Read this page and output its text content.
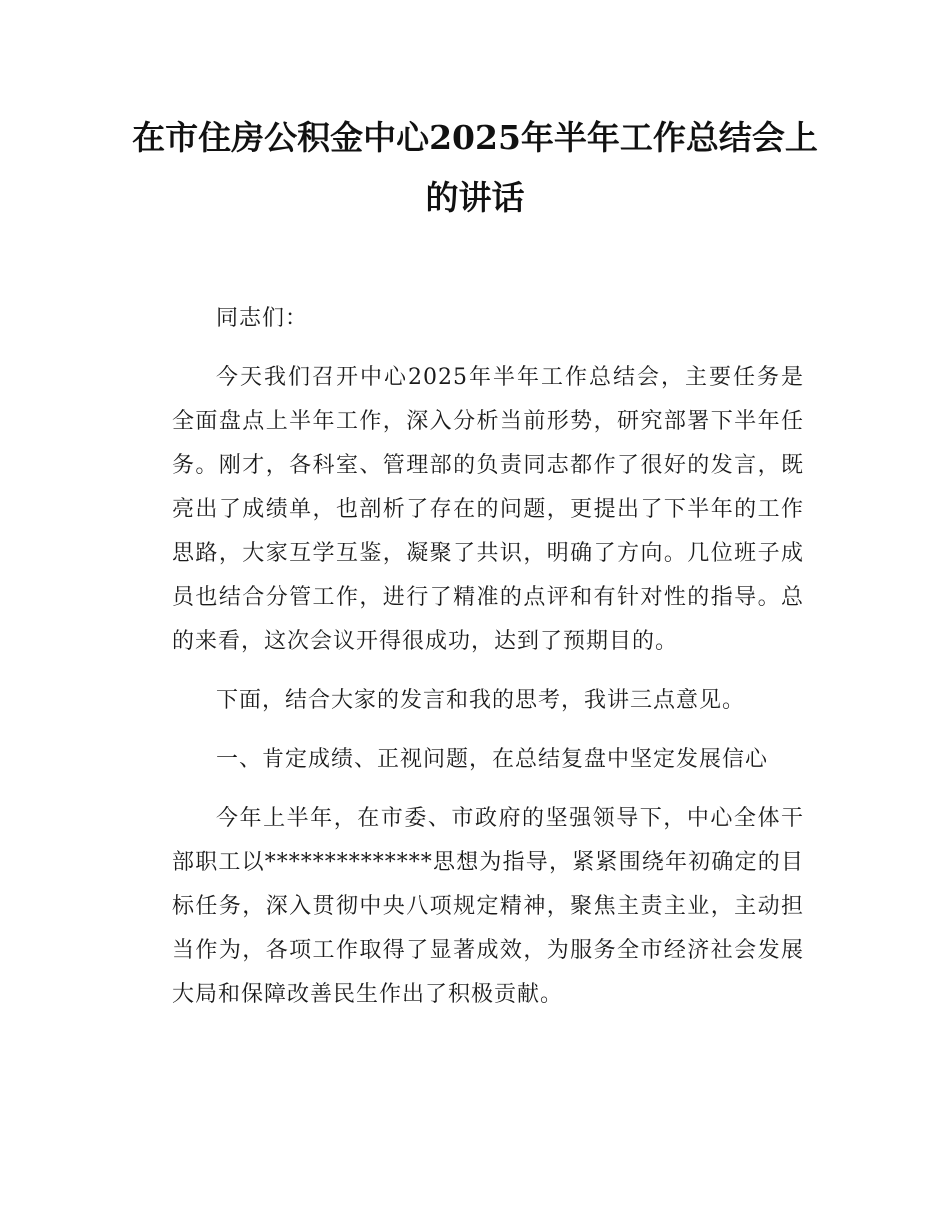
在市住房公积金中心2025年半年工作总结会上的讲话

同志们：

今天我们召开中心2025年半年工作总结会，主要任务是全面盘点上半年工作，深入分析当前形势，研究部署下半年任务。刚才，各科室、管理部的负责同志都作了很好的发言，既亮出了成绩单，也剖析了存在的问题，更提出了下半年的工作思路，大家互学互鉴，凝聚了共识，明确了方向。几位班子成员也结合分管工作，进行了精准的点评和有针对性的指导。总的来看，这次会议开得很成功，达到了预期目的。

下面，结合大家的发言和我的思考，我讲三点意见。

一、肯定成绩、正视问题，在总结复盘中坚定发展信心

今年上半年，在市委、市政府的坚强领导下，中心全体干部职工以**************思想为指导，紧紧围绕年初确定的目标任务，深入贯彻中央八项规定精神，聚焦主责主业，主动担当作为，各项工作取得了显著成效，为服务全市经济社会发展大局和保障改善民生作出了积极贡献。
